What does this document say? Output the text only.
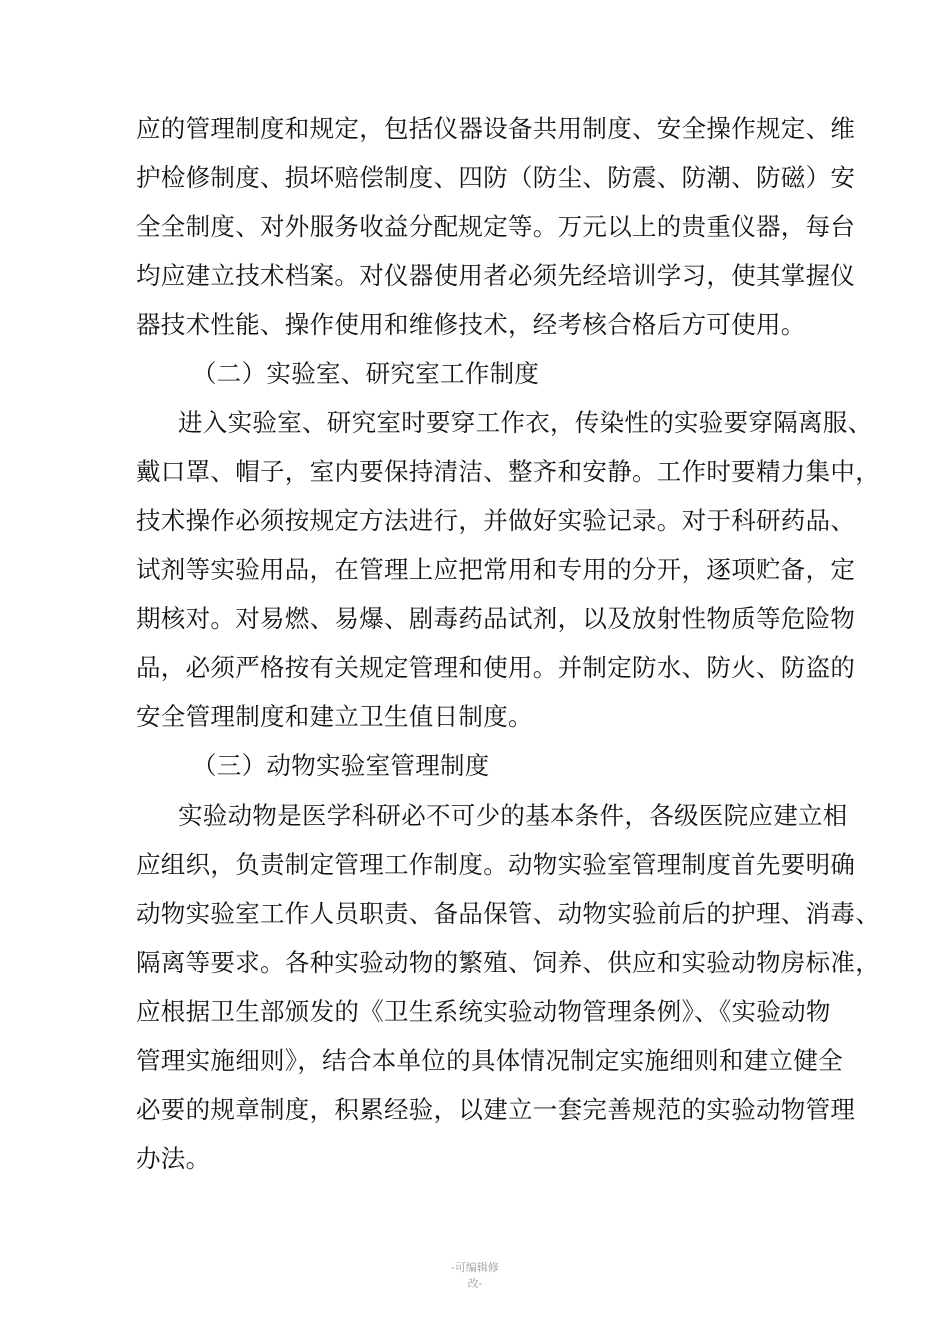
应的管理制度和规定，包括仪器设备共用制度、安全操作规定、维
护检修制度、损坏赔偿制度、四防（防尘、防震、防潮、防磁）安
全全制度、对外服务收益分配规定等。万元以上的贵重仪器，每台
均应建立技术档案。对仪器使用者必须先经培训学习，使其掌握仪
器技术性能、操作使用和维修技术，经考核合格后方可使用。
（二）实验室、研究室工作制度
进入实验室、研究室时要穿工作衣，传染性的实验要穿隔离服、
戴口罩、帽子，室内要保持清洁、整齐和安静。工作时要精力集中，
技术操作必须按规定方法进行，并做好实验记录。对于科研药品、
试剂等实验用品，在管理上应把常用和专用的分开，逐项贮备，定
期核对。对易燃、易爆、剧毒药品试剂，以及放射性物质等危险物
品，必须严格按有关规定管理和使用。并制定防水、防火、防盗的
安全管理制度和建立卫生值日制度。
（三）动物实验室管理制度
实验动物是医学科研必不可少的基本条件，各级医院应建立相
应组织，负责制定管理工作制度。动物实验室管理制度首先要明确
动物实验室工作人员职责、备品保管、动物实验前后的护理、消毒、
隔离等要求。各种实验动物的繁殖、饲养、供应和实验动物房标准，
应根据卫生部颁发的《卫生系统实验动物管理条例》、《实验动物
管理实施细则》，结合本单位的具体情况制定实施细则和建立健全
必要的规章制度，积累经验，以建立一套完善规范的实验动物管理
办法。
-可编辑修
改-
